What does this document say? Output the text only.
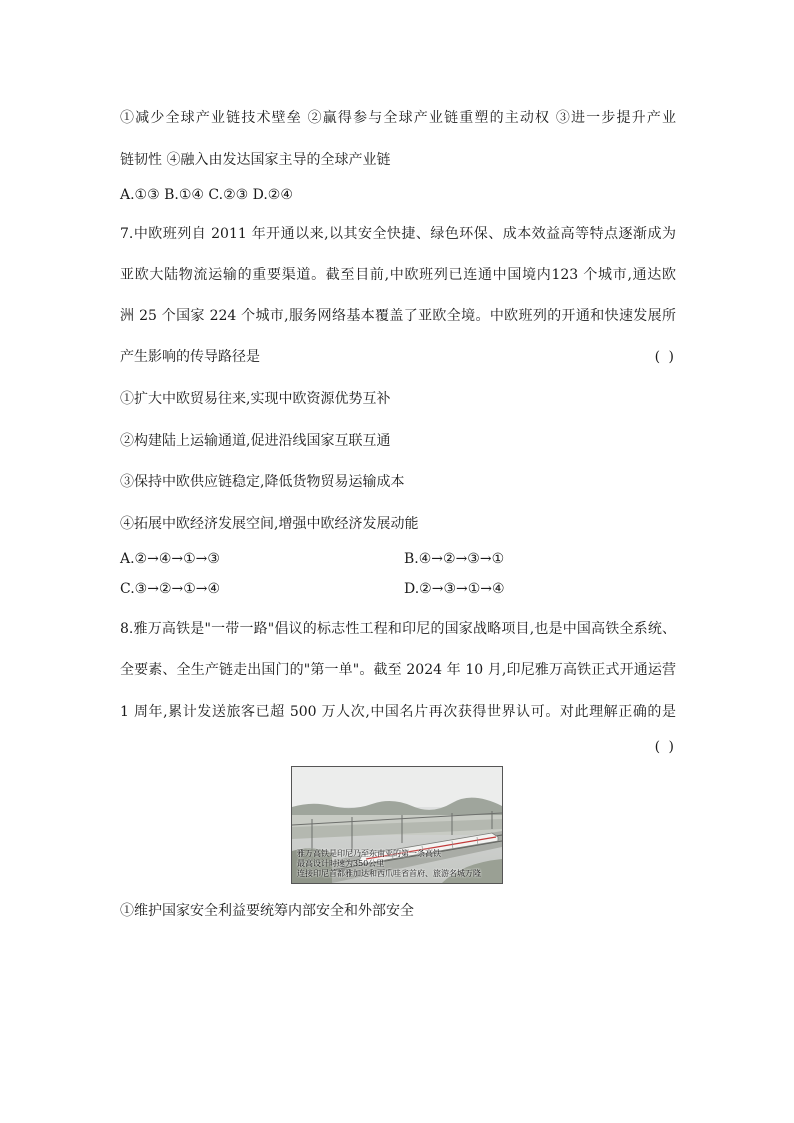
①减少全球产业链技术壁垒 ②赢得参与全球产业链重塑的主动权 ③进一步提升产业
链韧性 ④融入由发达国家主导的全球产业链
A.①③ B.①④ C.②③ D.②④
7.中欧班列自 2011 年开通以来,以其安全快捷、绿色环保、成本效益高等特点逐渐成为
亚欧大陆物流运输的重要渠道。截至目前,中欧班列已连通中国境内123 个城市,通达欧
洲 25 个国家 224 个城市,服务网络基本覆盖了亚欧全境。中欧班列的开通和快速发展所
产生影响的传导路径是	( )
①扩大中欧贸易往来,实现中欧资源优势互补
②构建陆上运输通道,促进沿线国家互联互通
③保持中欧供应链稳定,降低货物贸易运输成本
④拓展中欧经济发展空间,增强中欧经济发展动能
A.②→④→①→③	B.④→②→③→①
C.③→②→①→④	D.②→③→①→④
8.雅万高铁是"一带一路"倡议的标志性工程和印尼的国家战略项目,也是中国高铁全系统、
全要素、全生产链走出国门的"第一单"。截至 2024 年 10 月,印尼雅万高铁正式开通运营
1 周年,累计发送旅客已超 500 万人次,中国名片再次获得世界认可。对此理解正确的是
( )
雅万高铁是印尼乃至东南亚的第一条高铁
最高设计时速为350公里
连接印尼首都雅加达和西爪哇省首府、旅游名城万隆
①维护国家安全利益要统筹内部安全和外部安全
